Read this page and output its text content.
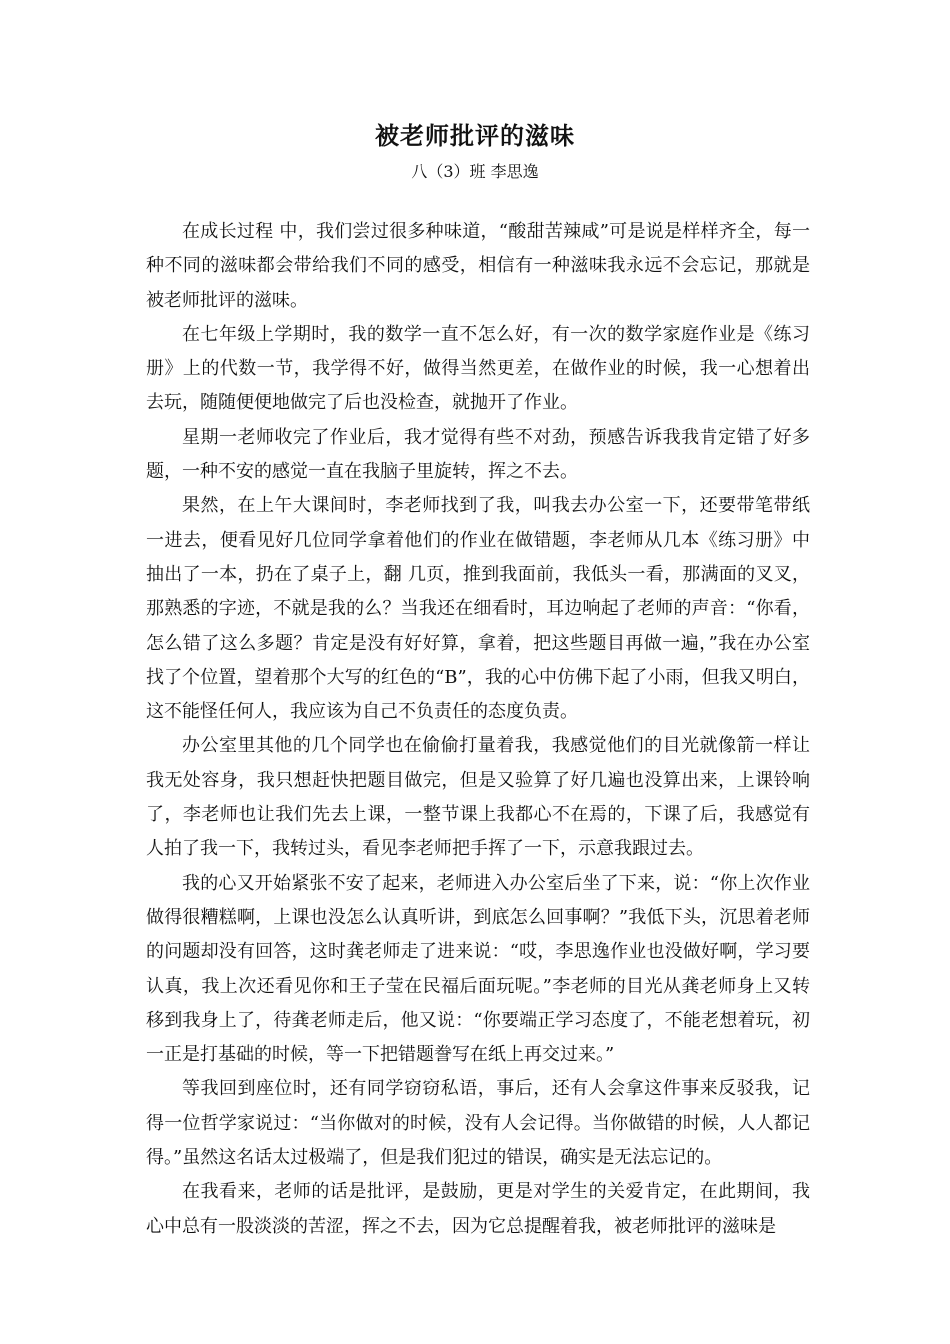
被老师批评的滋味
八（3）班 李思逸

在成长过程 中，我们尝过很多种味道，“酸甜苦辣咸”可是说是样样齐全，每一种不同的滋味都会带给我们不同的感受，相信有一种滋味我永远不会忘记，那就是被老师批评的滋味。

在七年级上学期时，我的数学一直不怎么好，有一次的数学家庭作业是《练习册》上的代数一节，我学得不好，做得当然更差，在做作业的时候，我一心想着出去玩，随随便便地做完了后也没检查，就抛开了作业。

星期一老师收完了作业后，我才觉得有些不对劲，预感告诉我我肯定错了好多题，一种不安的感觉一直在我脑子里旋转，挥之不去。

果然，在上午大课间时，李老师找到了我，叫我去办公室一下，还要带笔带纸一进去，便看见好几位同学拿着他们的作业在做错题，李老师从几本《练习册》中抽出了一本，扔在了桌子上，翻 几页，推到我面前，我低头一看，那满面的叉叉，那熟悉的字迹，不就是我的么？当我还在细看时，耳边响起了老师的声音：“你看，怎么错了这么多题？肯定是没有好好算，拿着，把这些题目再做一遍，”我在办公室找了个位置，望着那个大写的红色的“B”，我的心中仿佛下起了小雨，但我又明白，这不能怪任何人，我应该为自己不负责任的态度负责。

办公室里其他的几个同学也在偷偷打量着我，我感觉他们的目光就像箭一样让我无处容身，我只想赶快把题目做完，但是又验算了好几遍也没算出来，上课铃响了，李老师也让我们先去上课，一整节课上我都心不在焉的，下课了后，我感觉有人拍了我一下，我转过头，看见李老师把手挥了一下，示意我跟过去。

我的心又开始紧张不安了起来，老师进入办公室后坐了下来，说：“你上次作业做得很糟糕啊，上课也没怎么认真听讲，到底怎么回事啊？”我低下头，沉思着老师的问题却没有回答，这时龚老师走了进来说：“哎，李思逸作业也没做好啊，学习要认真，我上次还看见你和王子莹在民福后面玩呢。”李老师的目光从龚老师身上又转移到我身上了，待龚老师走后，他又说：“你要端正学习态度了，不能老想着玩，初一正是打基础的时候，等一下把错题誊写在纸上再交过来。”

等我回到座位时，还有同学窃窃私语，事后，还有人会拿这件事来反驳我，记得一位哲学家说过：“当你做对的时候，没有人会记得。当你做错的时候，人人都记得。”虽然这名话太过极端了，但是我们犯过的错误，确实是无法忘记的。

在我看来，老师的话是批评，是鼓励，更是对学生的关爱肯定，在此期间，我心中总有一股淡淡的苦涩，挥之不去，因为它总提醒着我，被老师批评的滋味是
